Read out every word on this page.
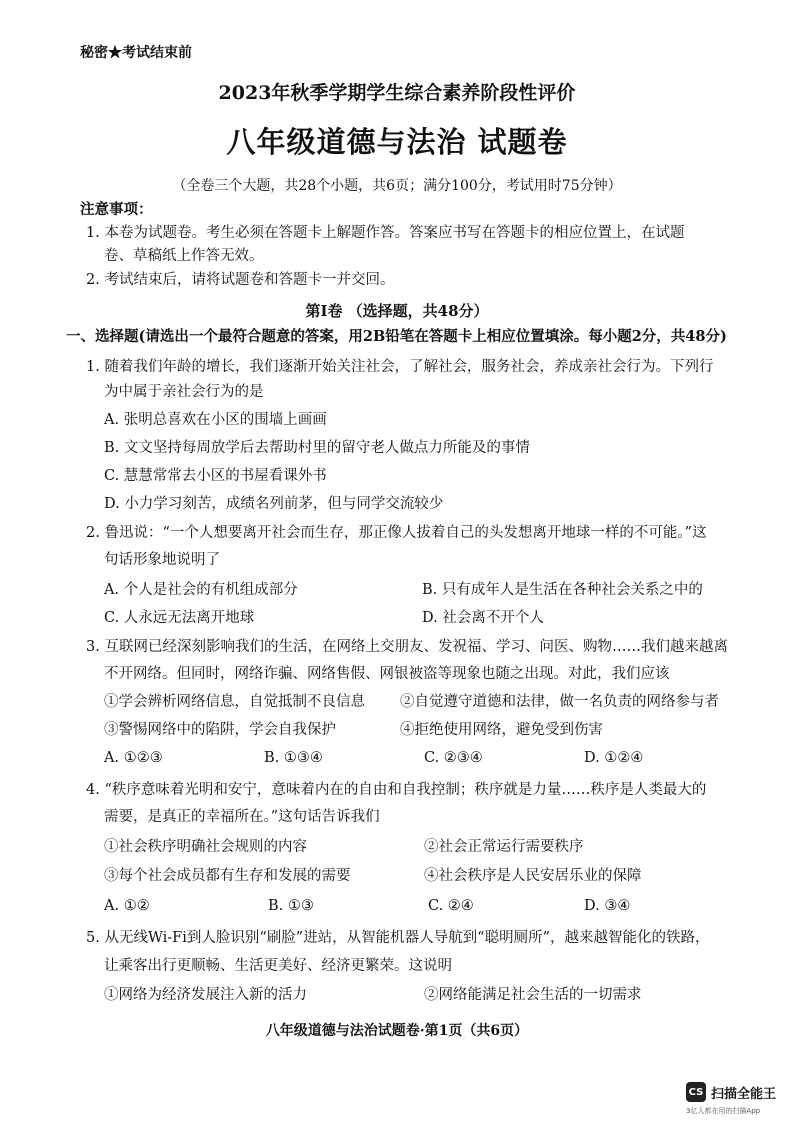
秘密★考试结束前
2023年秋季学期学生综合素养阶段性评价
八年级道德与法治 试题卷
（全卷三个大题，共28个小题，共6页；满分100分，考试用时75分钟）
注意事项：
1. 本卷为试题卷。考生必须在答题卡上解题作答。答案应书写在答题卡的相应位置上，在试题
卷、草稿纸上作答无效。
2. 考试结束后，请将试题卷和答题卡一并交回。
第Ⅰ卷 （选择题，共48分）
一、选择题(请选出一个最符合题意的答案，用2B铅笔在答题卡上相应位置填涂。每小题2分，共48分)
1. 随着我们年龄的增长，我们逐渐开始关注社会，了解社会，服务社会，养成亲社会行为。下列行
为中属于亲社会行为的是
A. 张明总喜欢在小区的围墙上画画
B. 文文坚持每周放学后去帮助村里的留守老人做点力所能及的事情
C. 慧慧常常去小区的书屋看课外书
D. 小力学习刻苦，成绩名列前茅，但与同学交流较少
2. 鲁迅说：“一个人想要离开社会而生存，那正像人拔着自己的头发想离开地球一样的不可能。”这
句话形象地说明了
A. 个人是社会的有机组成部分	B. 只有成年人是生活在各种社会关系之中的
C. 人永远无法离开地球	D. 社会离不开个人
3. 互联网已经深刻影响我们的生活，在网络上交朋友、发祝福、学习、问医、购物……我们越来越离
不开网络。但同时，网络诈骗、网络售假、网银被盗等现象也随之出现。对此，我们应该
①学会辨析网络信息，自觉抵制不良信息 ②自觉遵守道德和法律，做一名负责的网络参与者
③警惕网络中的陷阱，学会自我保护	④拒绝使用网络，避免受到伤害
A. ①②③	B. ①③④	C. ②③④	D. ①②④
4. “秩序意味着光明和安宁，意味着内在的自由和自我控制；秩序就是力量……秩序是人类最大的
需要，是真正的幸福所在。”这句话告诉我们
①社会秩序明确社会规则的内容	②社会正常运行需要秩序
③每个社会成员都有生存和发展的需要	④社会秩序是人民安居乐业的保障
A. ①②	B. ①③	C. ②④	D. ③④
5. 从无线Wi-Fi到人脸识别“刷脸”进站，从智能机器人导航到“聪明厕所”，越来越智能化的铁路，
让乘客出行更顺畅、生活更美好、经济更繁荣。这说明
①网络为经济发展注入新的活力	②网络能满足社会生活的一切需求
八年级道德与法治试题卷·第1页（共6页）
CS 扫描全能王
3亿人都在用的扫描App
